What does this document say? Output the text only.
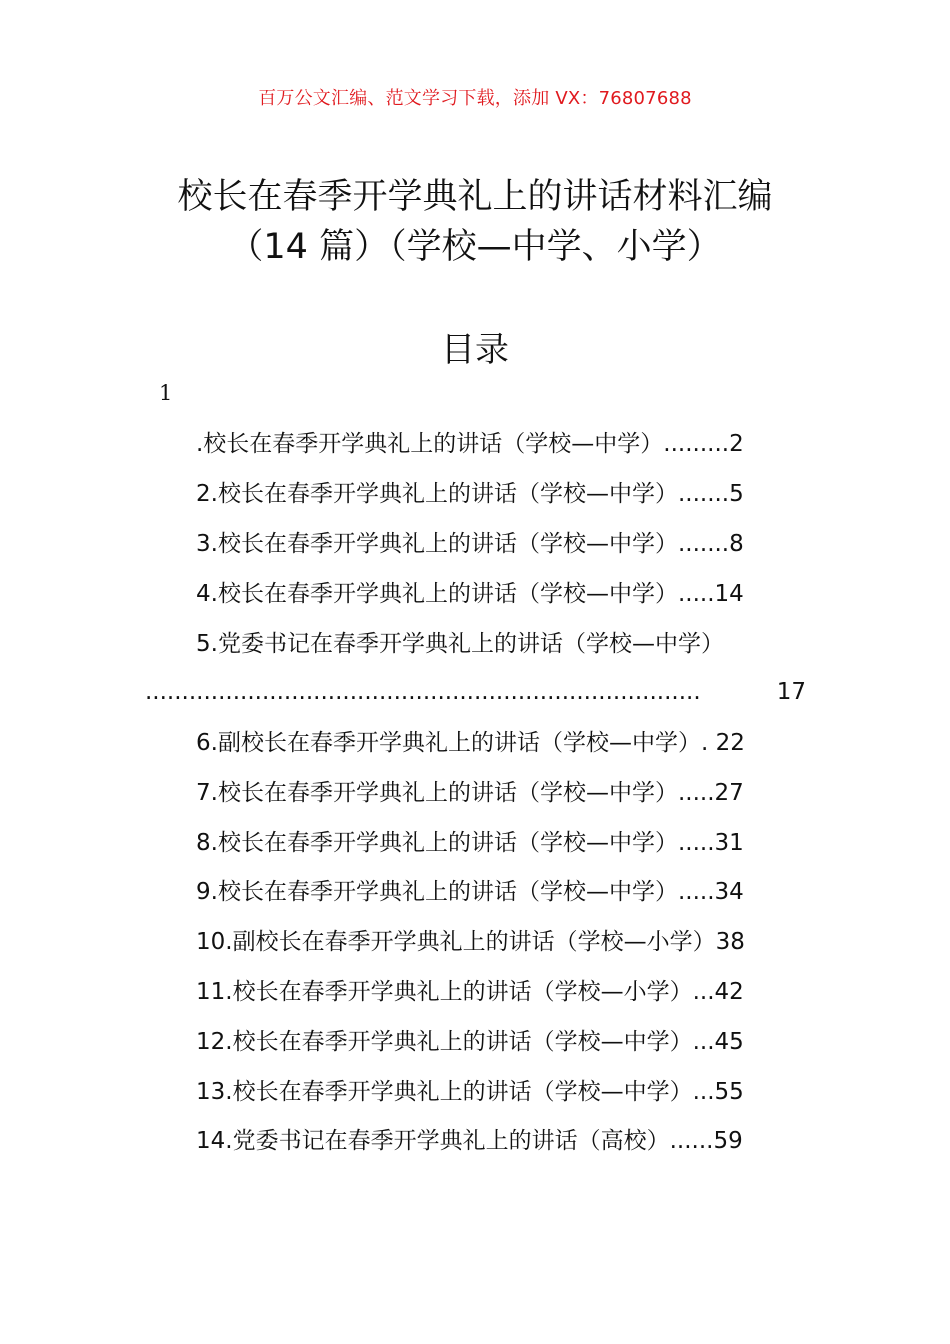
百万公文汇编、范文学习下载，添加 VX：76807688
校长在春季开学典礼上的讲话材料汇编
（14 篇）（学校—中学、小学）
目录
1
.校长在春季开学典礼上的讲话（学校—中学）.........2
2.校长在春季开学典礼上的讲话（学校—中学）.......5
3.校长在春季开学典礼上的讲话（学校—中学）.......8
4.校长在春季开学典礼上的讲话（学校—中学）.....14
5.党委书记在春季开学典礼上的讲话（学校—中学）
............................................................................	17
6.副校长在春季开学典礼上的讲话（学校—中学）. 22
7.校长在春季开学典礼上的讲话（学校—中学）.....27
8.校长在春季开学典礼上的讲话（学校—中学）.....31
9.校长在春季开学典礼上的讲话（学校—中学）.....34
10.副校长在春季开学典礼上的讲话（学校—小学）38
11.校长在春季开学典礼上的讲话（学校—小学）...42
12.校长在春季开学典礼上的讲话（学校—中学）...45
13.校长在春季开学典礼上的讲话（学校—中学）...55
14.党委书记在春季开学典礼上的讲话（高校）......59
